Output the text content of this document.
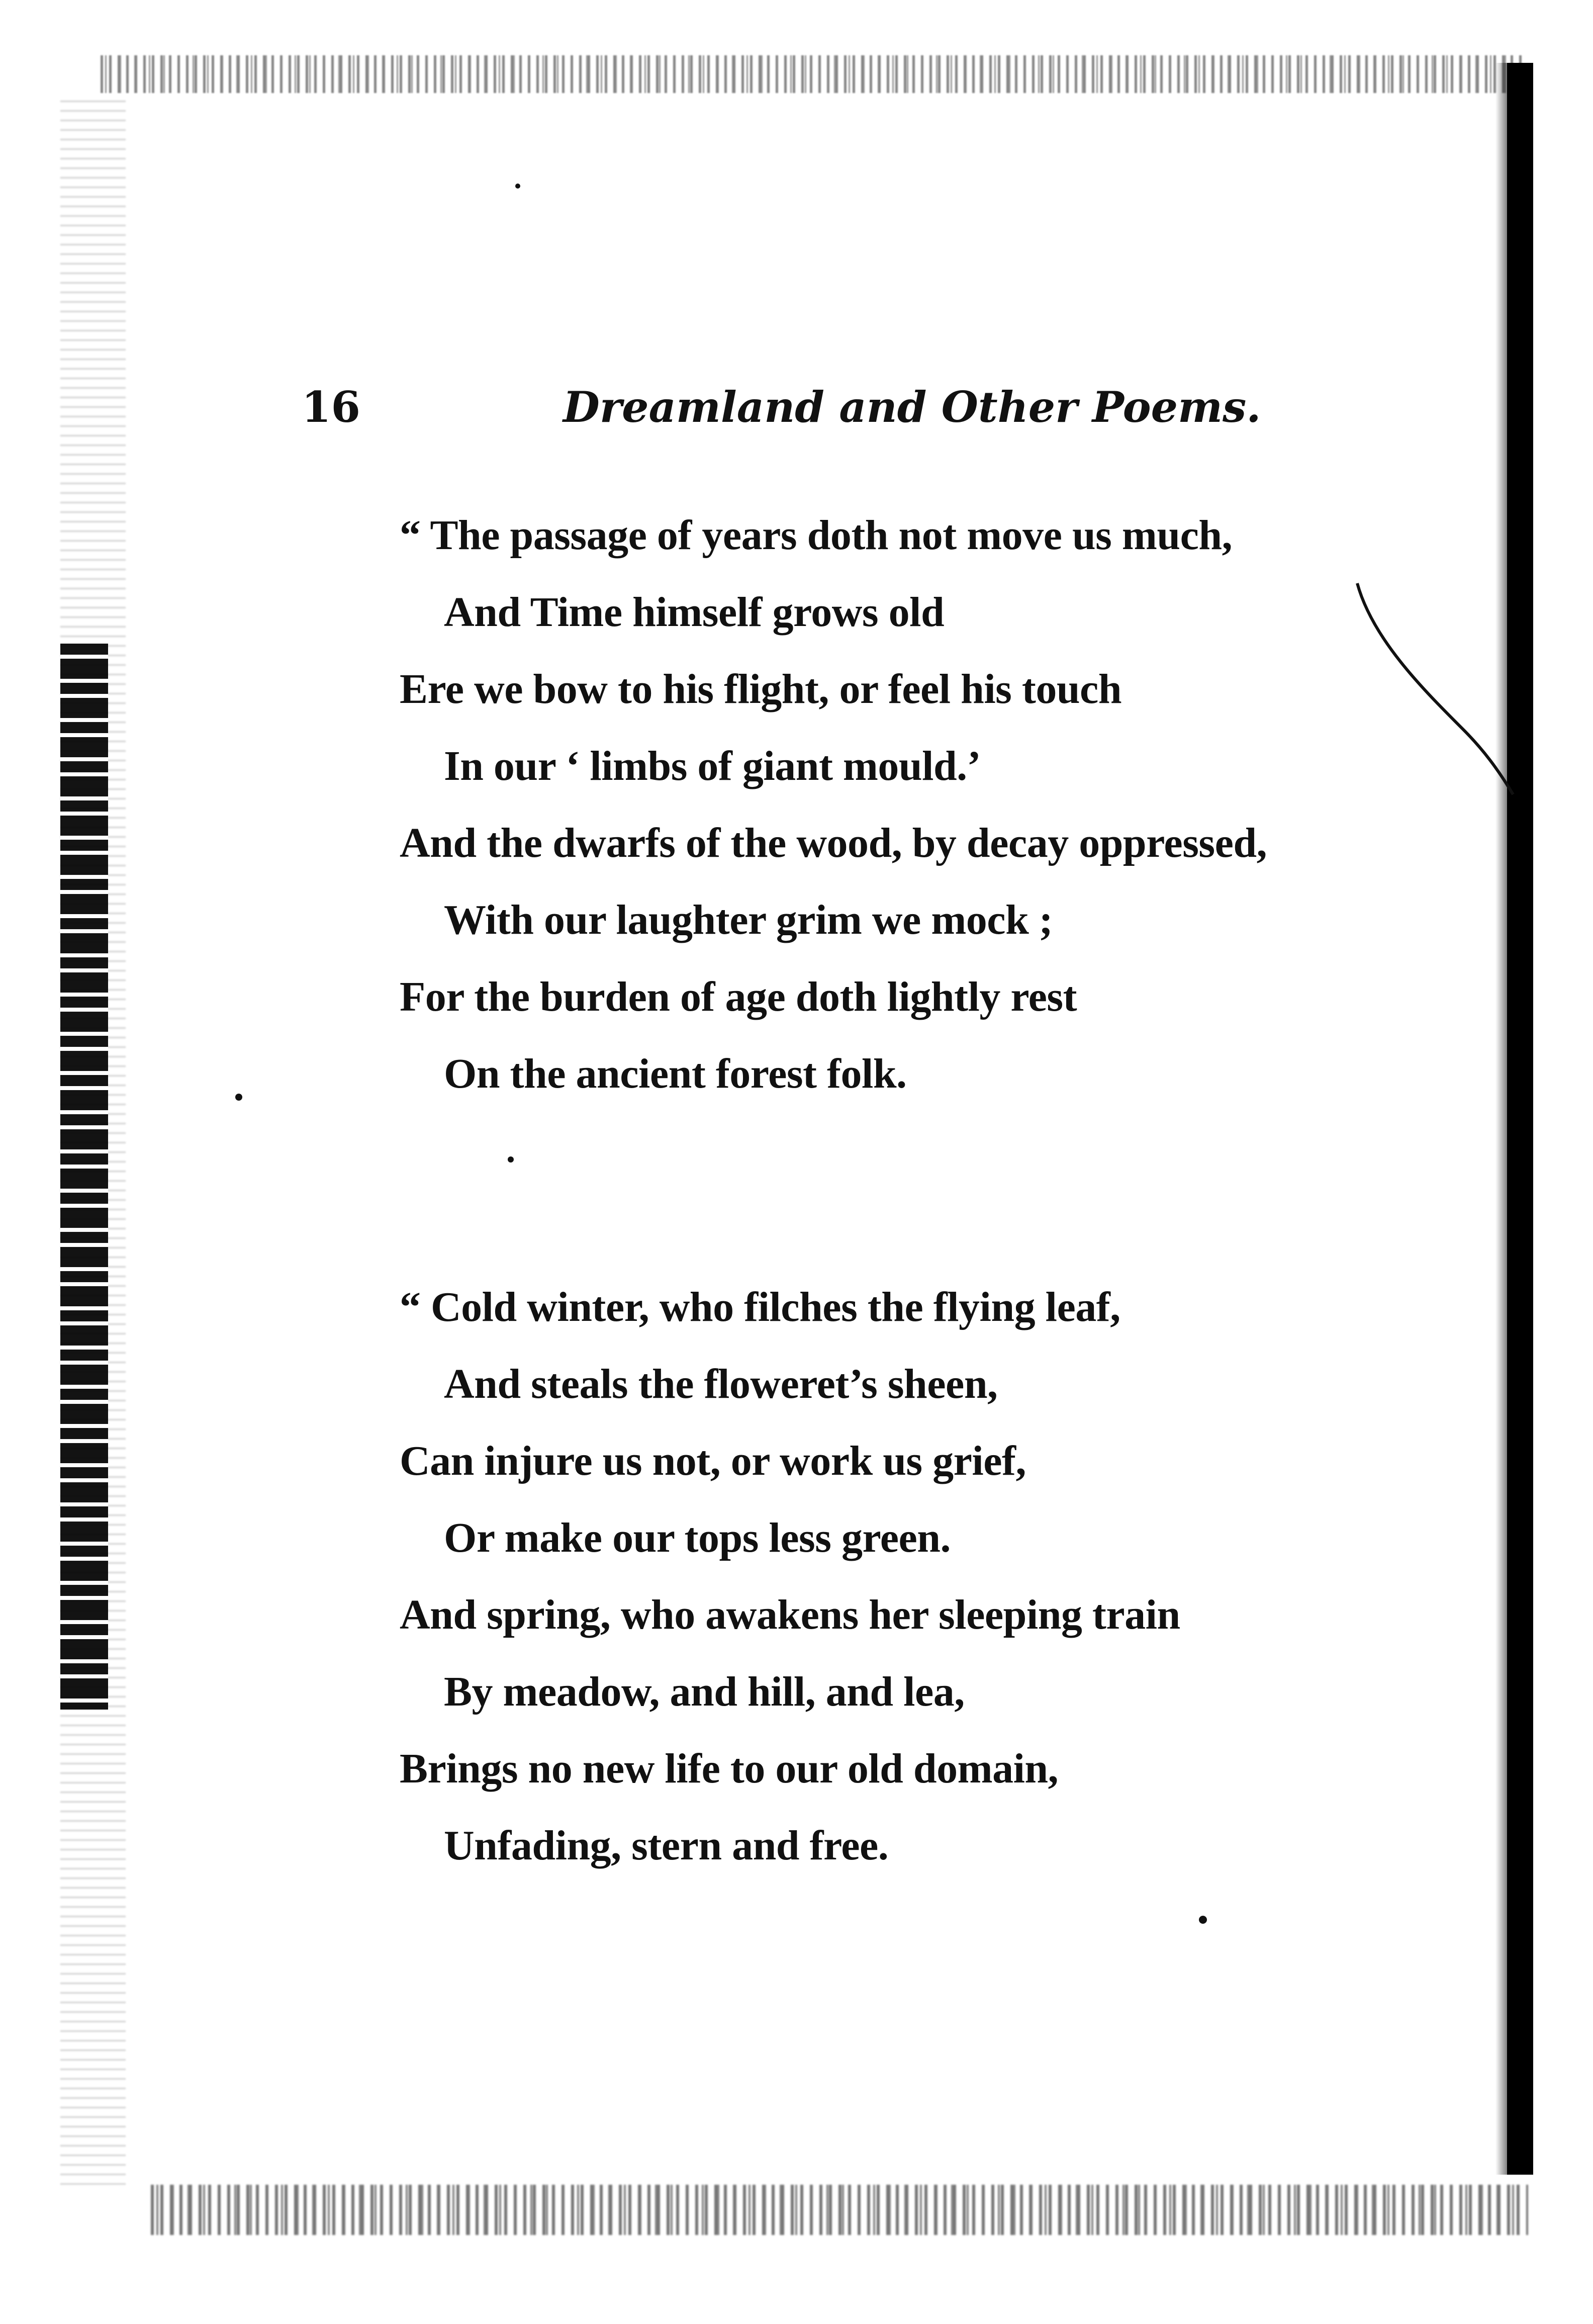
16	Dreamland and Other Poems.
“ The passage of years doth not move us much,
And Time himself grows old
Ere we bow to his flight, or feel his touch
In our ‘ limbs of giant mould.’
And the dwarfs of the wood, by decay oppressed,
With our laughter grim we mock ;
For the burden of age doth lightly rest
On the ancient forest folk.
“ Cold winter, who filches the flying leaf,
And steals the floweret’s sheen,
Can injure us not, or work us grief,
Or make our tops less green.
And spring, who awakens her sleeping train
By meadow, and hill, and lea,
Brings no new life to our old domain,
Unfading, stern and free.
